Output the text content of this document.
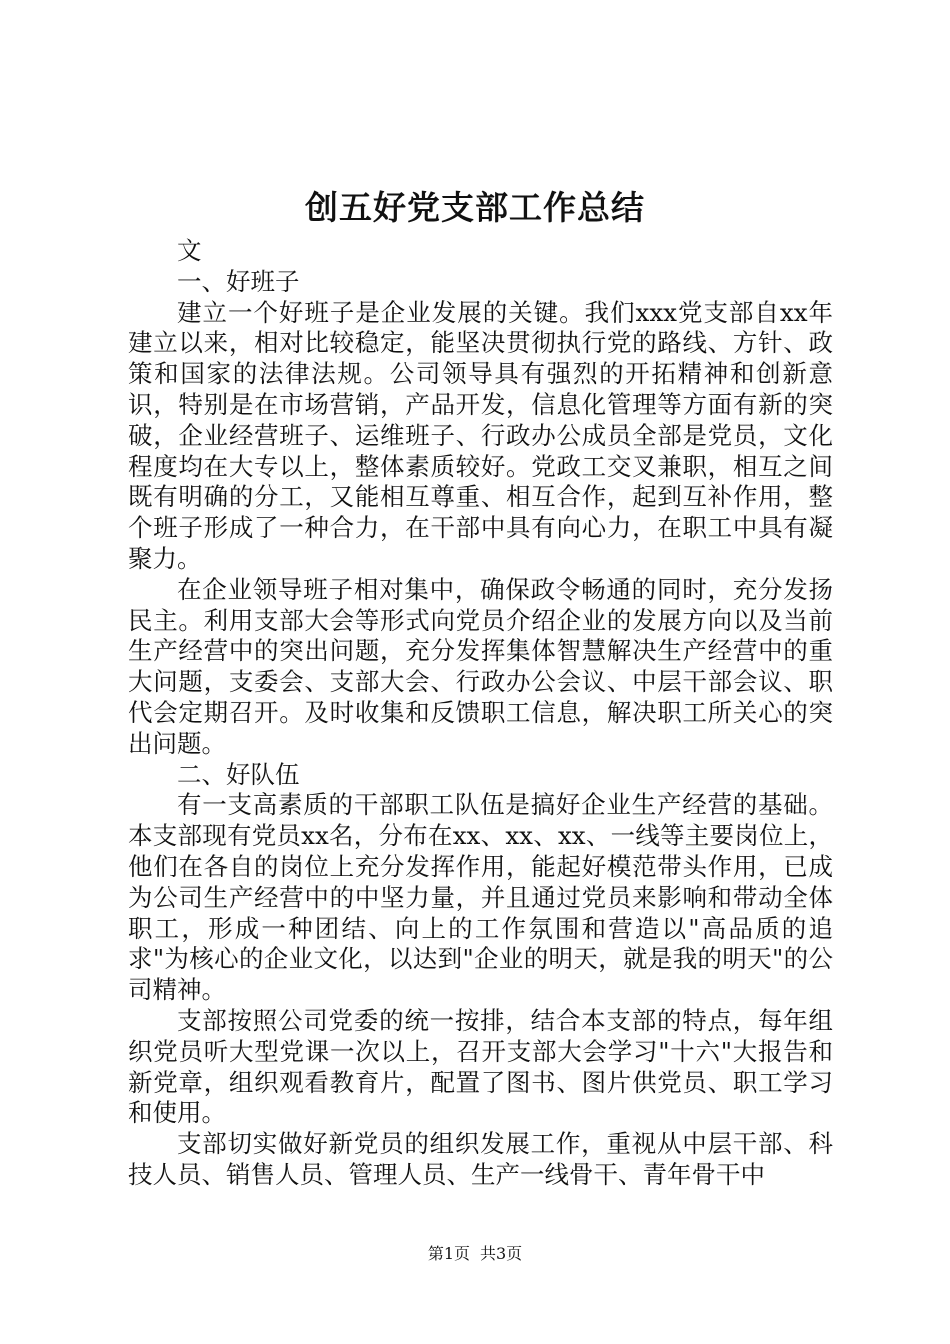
创五好党支部工作总结

文

一、好班子

建立一个好班子是企业发展的关键。我们xxx党支部自xx年建立以来，相对比较稳定，能坚决贯彻执行党的路线、方针、政策和国家的法律法规。公司领导具有强烈的开拓精神和创新意识，特别是在市场营销，产品开发，信息化管理等方面有新的突破，企业经营班子、运维班子、行政办公成员全部是党员，文化程度均在大专以上，整体素质较好。党政工交叉兼职，相互之间既有明确的分工，又能相互尊重、相互合作，起到互补作用，整个班子形成了一种合力，在干部中具有向心力，在职工中具有凝聚力。

在企业领导班子相对集中，确保政令畅通的同时，充分发扬民主。利用支部大会等形式向党员介绍企业的发展方向以及当前生产经营中的突出问题，充分发挥集体智慧解决生产经营中的重大问题，支委会、支部大会、行政办公会议、中层干部会议、职代会定期召开。及时收集和反馈职工信息，解决职工所关心的突出问题。

二、好队伍

有一支高素质的干部职工队伍是搞好企业生产经营的基础。本支部现有党员xx名，分布在xx、xx、xx、一线等主要岗位上，他们在各自的岗位上充分发挥作用，能起好模范带头作用，已成为公司生产经营中的中坚力量，并且通过党员来影响和带动全体职工，形成一种团结、向上的工作氛围和营造以"高品质的追求"为核心的企业文化，以达到"企业的明天，就是我的明天"的公司精神。

支部按照公司党委的统一按排，结合本支部的特点，每年组织党员听大型党课一次以上，召开支部大会学习"十六"大报告和新党章，组织观看教育片，配置了图书、图片供党员、职工学习和使用。

支部切实做好新党员的组织发展工作，重视从中层干部、科技人员、销售人员、管理人员、生产一线骨干、青年骨干中

第1页 共3页
